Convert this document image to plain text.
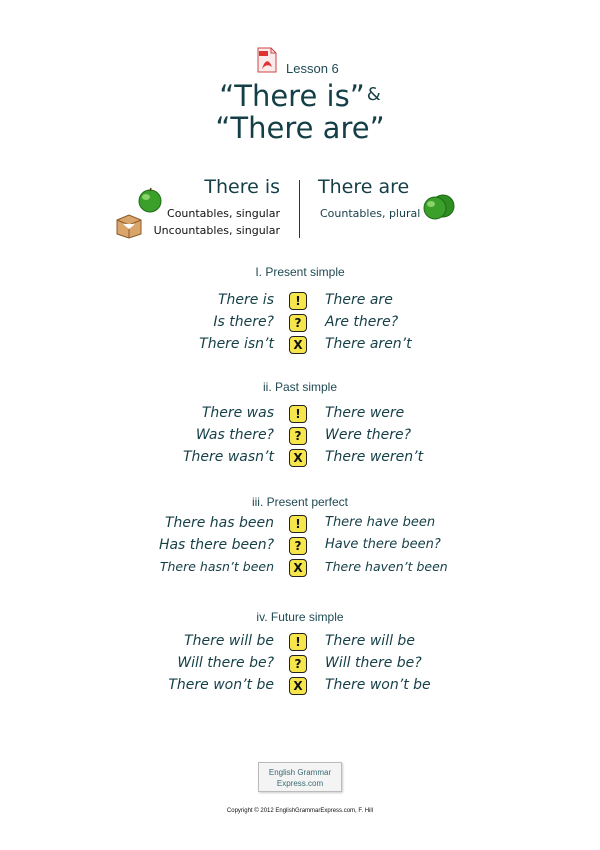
Lesson 6
“There is” &
“There are”
There is
Countables, singular
Uncountables, singular
There are
Countables, plural
I. Present simple
There is	!	There are
Is there?	?	Are there?
There isn’t	X	There aren’t
ii. Past simple
There was	!	There were
Was there?	?	Were there?
There wasn’t	X	There weren’t
iii. Present perfect
There has been	!	There have been
Has there been?	?	Have there been?
There hasn’t been	X	There haven’t been
iv. Future simple
There will be	!	There will be
Will there be?	?	Will there be?
There won’t be	X	There won’t be
English Grammar
Express.com
Copyright © 2012 EnglishGrammarExpress.com, F. Hill
